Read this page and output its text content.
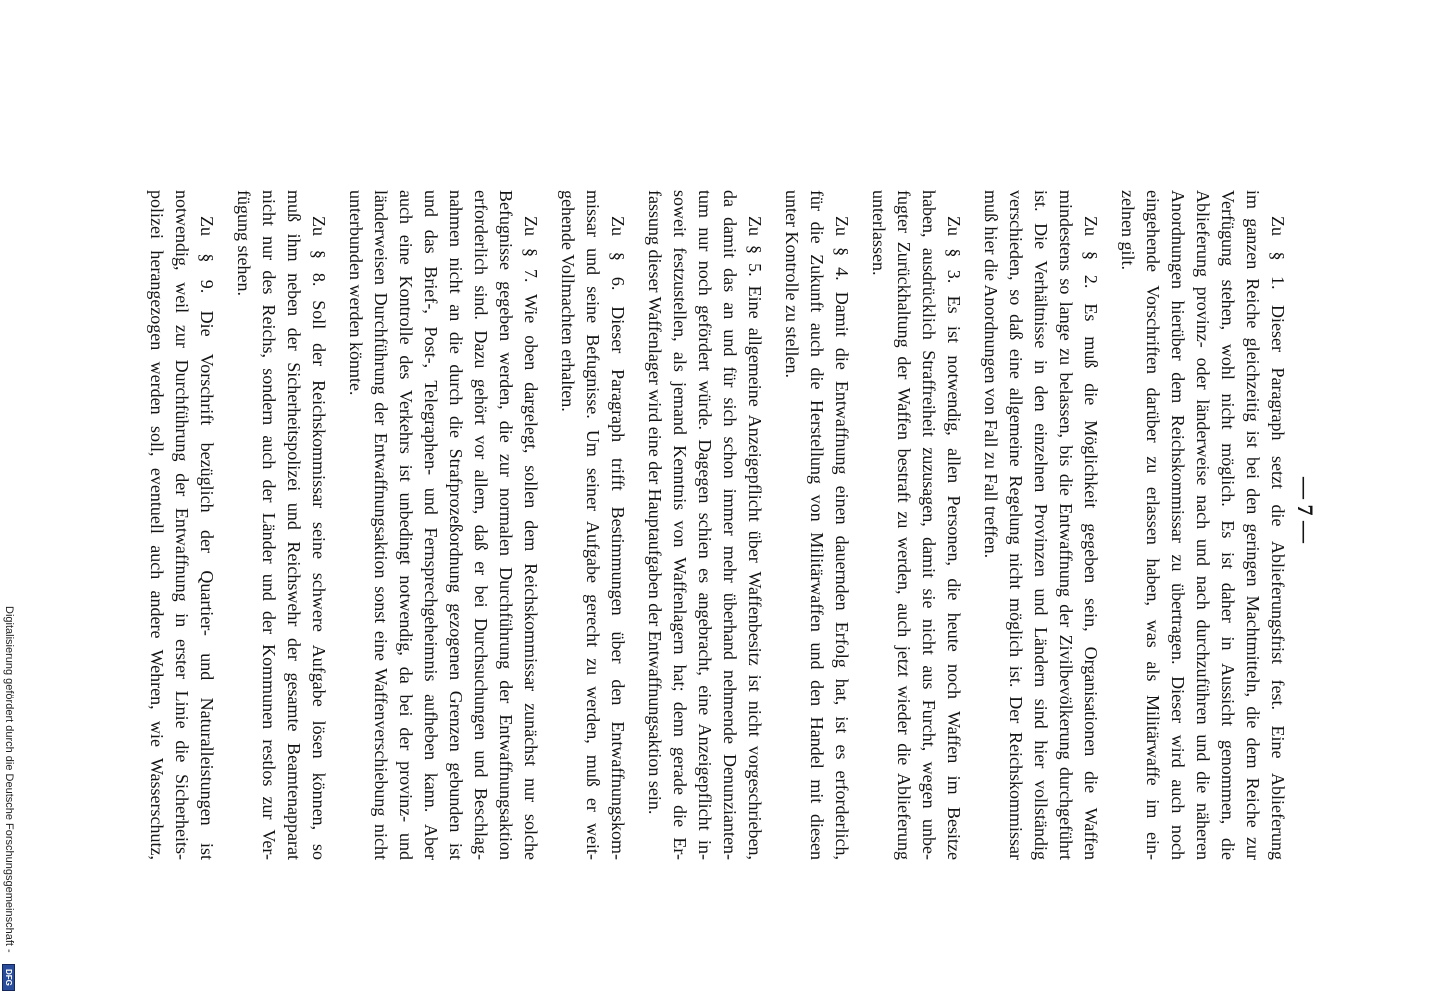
— 7 —
Zu § 1. Dieser Paragraph setzt die Ablieferungsfrist fest. Eine Ablieferung
im ganzen Reiche gleichzeitig ist bei den geringen Machtmitteln, die dem Reiche zur
Verfügung stehen, wohl nicht möglich. Es ist daher in Aussicht genommen, die
Ablieferung provinz- oder länderweise nach und nach durchzuführen und die näheren
Anordnungen hierüber dem Reichskommissar zu übertragen. Dieser wird auch noch
eingehende Vorschriften darüber zu erlassen haben, was als Militärwaffe im ein-
zelnen gilt.
Zu § 2. Es muß die Möglichkeit gegeben sein, Organisationen die Waffen
mindestens so lange zu belassen, bis die Entwaffnung der Zivilbevölkerung durchgeführt
ist. Die Verhältnisse in den einzelnen Provinzen und Ländern sind hier vollständig
verschieden, so daß eine allgemeine Regelung nicht möglich ist. Der Reichskommissar
muß hier die Anordnungen von Fall zu Fall treffen.
Zu § 3. Es ist notwendig, allen Personen, die heute noch Waffen im Besitze
haben, ausdrücklich Straffreiheit zuzusagen, damit sie nicht aus Furcht, wegen unbe-
fugter Zurückhaltung der Waffen bestraft zu werden, auch jetzt wieder die Ablieferung
unterlassen.
Zu § 4. Damit die Entwaffnung einen dauernden Erfolg hat, ist es erforderlich,
für die Zukunft auch die Herstellung von Militärwaffen und den Handel mit diesen
unter Kontrolle zu stellen.
Zu § 5. Eine allgemeine Anzeigepflicht über Waffenbesitz ist nicht vorgeschrieben,
da damit das an und für sich schon immer mehr überhand nehmende Denunzianten-
tum nur noch gefördert würde. Dagegen schien es angebracht, eine Anzeigepflicht in-
soweit festzustellen, als jemand Kenntnis von Waffenlagern hat; denn gerade die Er-
fassung dieser Waffenlager wird eine der Hauptaufgaben der Entwaffnungsaktion sein.
Zu § 6. Dieser Paragraph trifft Bestimmungen über den Entwaffnungskom-
missar und seine Befugnisse. Um seiner Aufgabe gerecht zu werden, muß er weit-
gehende Vollmachten erhalten.
Zu § 7. Wie oben dargelegt, sollen dem Reichskommissar zunächst nur solche
Befugnisse gegeben werden, die zur normalen Durchführung der Entwaffnungsaktion
erforderlich sind. Dazu gehört vor allem, daß er bei Durchsuchungen und Beschlag-
nahmen nicht an die durch die Strafprozeßordnung gezogenen Grenzen gebunden ist
und das Brief-, Post-, Telegraphen- und Fernsprechgeheimnis aufheben kann. Aber
auch eine Kontrolle des Verkehrs ist unbedingt notwendig, da bei der provinz- und
länderweisen Durchführung der Entwaffnungsaktion sonst eine Waffenverschiebung nicht
unterbunden werden könnte.
Zu § 8. Soll der Reichskommissar seine schwere Aufgabe lösen können, so
muß ihm neben der Sicherheitspolizei und Reichswehr der gesamte Beamtenapparat
nicht nur des Reichs, sondern auch der Länder und der Kommunen restlos zur Ver-
fügung stehen.
Zu § 9. Die Vorschrift bezüglich der Quartier- und Naturalleistungen ist
notwendig, weil zur Durchführung der Entwaffnung in erster Linie die Sicherheits-
polizei herangezogen werden soll, eventuell auch andere Wehren, wie Wasserschutz,
Digitalisierung gefördert durch die Deutsche Forschungsgemeinschaft -
DFG
